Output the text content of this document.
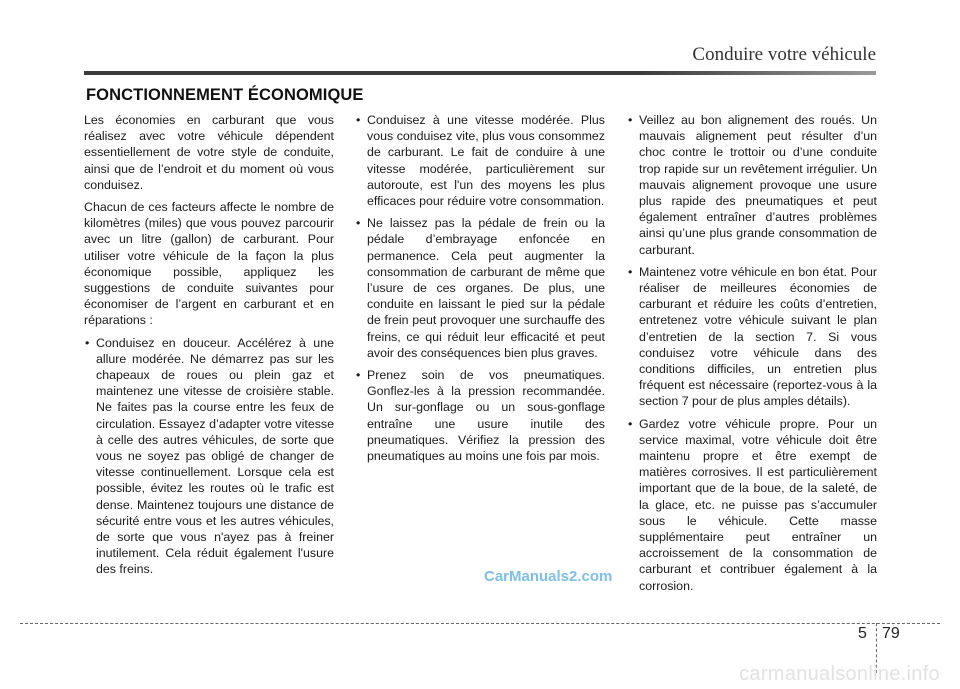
Conduire votre véhicule
FONCTIONNEMENT ÉCONOMIQUE

Les économies en carburant que vous réalisez avec votre véhicule dépendent essentiellement de votre style de conduite, ainsi que de l’endroit et du moment où vous conduisez.

Chacun de ces facteurs affecte le nombre de kilomètres (miles) que vous pouvez parcourir avec un litre (gallon) de carburant. Pour utiliser votre véhicule de la façon la plus économique possible, appliquez les suggestions de conduite suivantes pour économiser de l’argent en carburant et en réparations :

• Conduisez en douceur. Accélérez à une allure modérée. Ne démarrez pas sur les chapeaux de roues ou plein gaz et maintenez une vitesse de croisière stable. Ne faites pas la course entre les feux de circulation. Essayez d’adapter votre vitesse à celle des autres véhicules, de sorte que vous ne soyez pas obligé de changer de vitesse continuellement. Lorsque cela est possible, évitez les routes où le trafic est dense. Maintenez toujours une distance de sécurité entre vous et les autres véhicules, de sorte que vous n'ayez pas à freiner inutilement. Cela réduit également l'usure des freins.
• Conduisez à une vitesse modérée. Plus vous conduisez vite, plus vous consommez de carburant. Le fait de conduire à une vitesse modérée, particulièrement sur autoroute, est l'un des moyens les plus efficaces pour réduire votre consommation.
• Ne laissez pas la pédale de frein ou la pédale d’embrayage enfoncée en permanence. Cela peut augmenter la consommation de carburant de même que l’usure de ces organes. De plus, une conduite en laissant le pied sur la pédale de frein peut provoquer une surchauffe des freins, ce qui réduit leur efficacité et peut avoir des conséquences bien plus graves.
• Prenez soin de vos pneumatiques. Gonflez-les à la pression recommandée. Un sur-gonflage ou un sous-gonflage entraîne une usure inutile des pneumatiques. Vérifiez la pression des pneumatiques au moins une fois par mois.
• Veillez au bon alignement des roués. Un mauvais alignement peut résulter d’un choc contre le trottoir ou d’une conduite trop rapide sur un revêtement irrégulier. Un mauvais alignement provoque une usure plus rapide des pneumatiques et peut également entraîner d’autres problèmes ainsi qu’une plus grande consommation de carburant.
• Maintenez votre véhicule en bon état. Pour réaliser de meilleures économies de carburant et réduire les coûts d’entretien, entretenez votre véhicule suivant le plan d’entretien de la section 7. Si vous conduisez votre véhicule dans des conditions difficiles, un entretien plus fréquent est nécessaire (reportez-vous à la section 7 pour de plus amples détails).
• Gardez votre véhicule propre. Pour un service maximal, votre véhicule doit être maintenu propre et être exempt de matières corrosives. Il est particulièrement important que de la boue, de la saleté, de la glace, etc. ne puisse pas s’accumuler sous le véhicule. Cette masse supplémentaire peut entraîner un accroissement de la consommation de carburant et contribuer également à la corrosion.
CarManuals2.com
5 79
carmanualsonline.info
